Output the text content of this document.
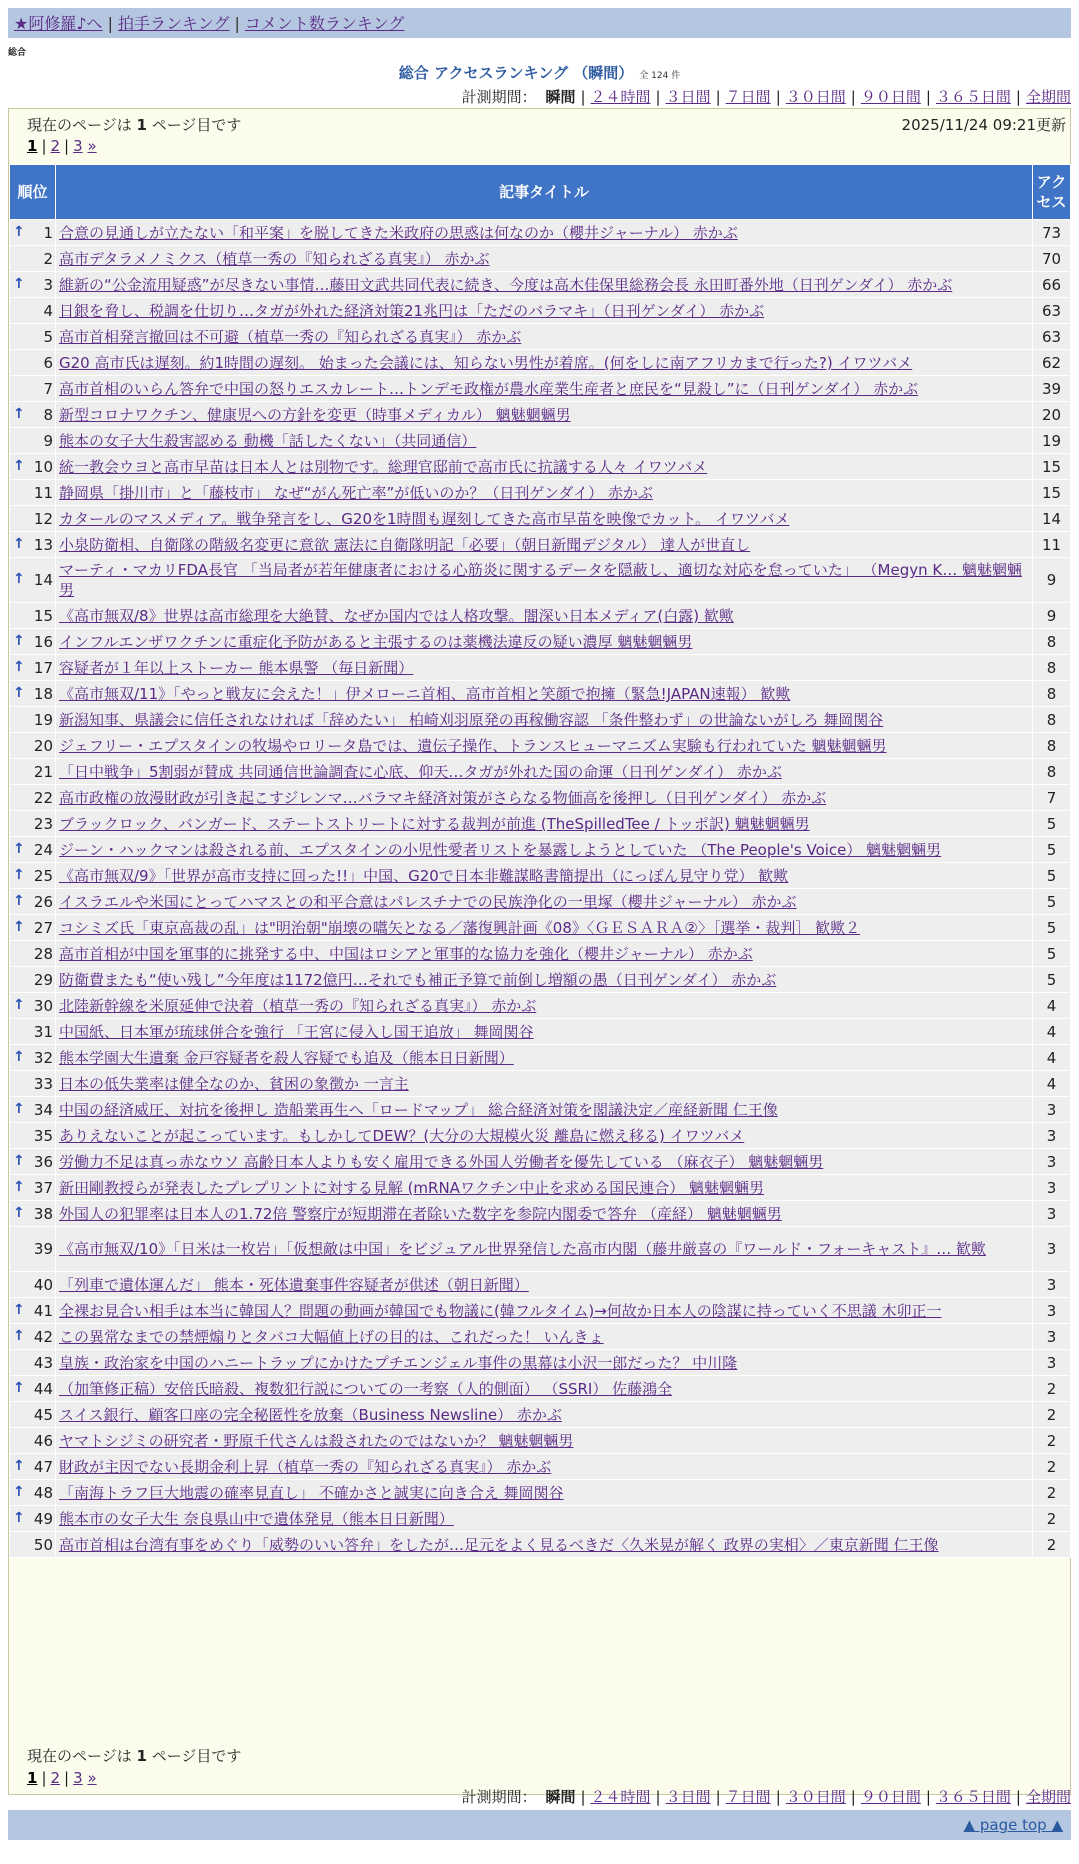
★阿修羅♪へ | 拍手ランキング | コメント数ランキング
総合
総合 アクセスランキング （瞬間） 全 124 件
計測期間： 瞬間 | ２４時間 | ３日間 | ７日間 | ３０日間 | ９０日間 | ３６５日間 | 全期間
現在のページは 1 ページ目です	2025/11/24 09:21更新
1 | 2 | 3 »
順位	記事タイトル	アクセス

↑ 1	合意の見通しが立たない「和平案」を脱してきた米政府の思惑は何なのか（櫻井ジャーナル） 赤かぶ	73
2	高市デタラメノミクス（植草一秀の『知られざる真実』） 赤かぶ	70

↑ 3	維新の“公金流用疑惑”が尽きない事情…藤田文武共同代表に続き、今度は高木佳保里総務会長 永田町番外地（日刊ゲンダイ） 赤かぶ	66
4	日銀を脅し、税調を仕切り…タガが外れた経済対策21兆円は「ただのバラマキ」（日刊ゲンダイ） 赤かぶ	63
5	高市首相発言撤回は不可避（植草一秀の『知られざる真実』） 赤かぶ	63
6	G20 高市氏は遅刻。約1時間の遅刻。 始まった会議には、知らない男性が着席。(何をしに南アフリカまで行った?) イワツバメ	62
7	高市首相のいらん答弁で中国の怒りエスカレート…トンデモ政権が農水産業生産者と庶民を“見殺し”に（日刊ゲンダイ） 赤かぶ	39

↑ 8	新型コロナワクチン、健康児への方針を変更（時事メディカル） 魑魅魍魎男	20
9	熊本の女子大生殺害認める 動機「話したくない」（共同通信）	19

↑ 10	統一教会ウヨと高市早苗は日本人とは別物です。総理官邸前で高市氏に抗議する人々 イワツバメ	15
11	静岡県「掛川市」と「藤枝市」 なぜ“がん死亡率”が低いのか？（日刊ゲンダイ） 赤かぶ	15
12	カタールのマスメディア。戦争発言をし、G20を1時間も遅刻してきた高市早苗を映像でカット。 イワツバメ	14

↑ 13	小泉防衛相、自衛隊の階級名変更に意欲 憲法に自衛隊明記「必要」（朝日新聞デジタル） 達人が世直し	11

↑ 14	マーティ・マカリFDA長官 「当局者が若年健康者における心筋炎に関するデータを隠蔽し、適切な対応を怠っていた」 （Megyn K… 魑魅魍魎男	9
15	《高市無双/8》世界は高市総理を大絶賛、なぜか国内では人格攻撃。闇深い日本メディア(白露) 歓歟	9

↑ 16	インフルエンザワクチンに重症化予防があると主張するのは薬機法違反の疑い濃厚 魑魅魍魎男	8

↑ 17	容疑者が１年以上ストーカー 熊本県警 （毎日新聞）	8

↑ 18	《高市無双/11》「やっと戦友に会えた！」伊メローニ首相、高市首相と笑顔で抱擁（緊急!JAPAN速報） 歓歟	8
19	新潟知事、県議会に信任されなければ「辞めたい」 柏崎刈羽原発の再稼働容認 「条件整わず」の世論ないがしろ 舞岡関谷	8
20	ジェフリー・エプスタインの牧場やロリータ島では、遺伝子操作、トランスヒューマニズム実験も行われていた 魑魅魍魎男	8
21	「日中戦争」5割弱が賛成 共同通信世論調査に心底、仰天…タガが外れた国の命運（日刊ゲンダイ） 赤かぶ	8
22	高市政権の放漫財政が引き起こすジレンマ…バラマキ経済対策がさらなる物価高を後押し（日刊ゲンダイ） 赤かぶ	7
23	ブラックロック、バンガード、ステートストリートに対する裁判が前進 (TheSpilledTee / トッポ訳) 魑魅魍魎男	5

↑ 24	ジーン・ハックマンは殺される前、エプスタインの小児性愛者リストを暴露しようとしていた （The People's Voice） 魑魅魍魎男	5

↑ 25	《高市無双/9》「世界が高市支持に回った!!」中国、G20で日本非難謀略書簡提出（にっぽん見守り党） 歓歟	5

↑ 26	イスラエルや米国にとってハマスとの和平合意はパレスチナでの民族浄化の一里塚（櫻井ジャーナル） 赤かぶ	5

↑ 27	コシミズ氏「東京高裁の乱」は"明治朝"崩壊の嚆矢となる／藩復興計画《08》〈ＧＥＳＡＲＡ②〉［選挙・裁判］ 歓歟２	5
28	高市首相が中国を軍事的に挑発する中、中国はロシアと軍事的な協力を強化（櫻井ジャーナル） 赤かぶ	5
29	防衛費またも“使い残し”今年度は1172億円…それでも補正予算で前倒し増額の愚（日刊ゲンダイ） 赤かぶ	5

↑ 30	北陸新幹線を米原延伸で決着（植草一秀の『知られざる真実』） 赤かぶ	4
31	中国紙、日本軍が琉球併合を強行 「王宮に侵入し国王追放」 舞岡関谷	4

↑ 32	熊本学園大生遺棄 金戸容疑者を殺人容疑でも追及（熊本日日新聞）	4
33	日本の低失業率は健全なのか、貧困の象徴か 一言主	4

↑ 34	中国の経済威圧、対抗を後押し 造船業再生へ「ロードマップ」 総合経済対策を閣議決定／産経新聞 仁王像	3
35	ありえないことが起こっています。もしかしてDEW？(大分の大規模火災 離島に燃え移る) イワツバメ	3

↑ 36	労働力不足は真っ赤なウソ 高齢日本人よりも安く雇用できる外国人労働者を優先している （麻衣子） 魑魅魍魎男	3

↑ 37	新田剛教授らが発表したプレプリントに対する見解 (mRNAワクチン中止を求める国民連合） 魑魅魍魎男	3

↑ 38	外国人の犯罪率は日本人の1.72倍 警察庁が短期滞在者除いた数字を参院内閣委で答弁 （産経） 魑魅魍魎男	3
39	《高市無双/10》「日米は一枚岩」「仮想敵は中国」をビジュアル世界発信した高市内閣（藤井厳喜の『ワールド・フォーキャスト』… 歓歟	3
40	「列車で遺体運んだ」 熊本・死体遺棄事件容疑者が供述（朝日新聞）	3

↑ 41	全裸お見合い相手は本当に韓国人？問題の動画が韓国でも物議に(韓フルタイム)→何故か日本人の陰謀に持っていく不思議 木卯正一	3

↑ 42	この異常なまでの禁煙煽りとタバコ大幅値上げの目的は、これだった！ いんきょ	3
43	皇族・政治家を中国のハニートラップにかけたプチエンジェル事件の黒幕は小沢一郎だった？ 中川隆	3

↑ 44	（加筆修正稿）安倍氏暗殺、複数犯行説についての一考察（人的側面） （SSRI） 佐藤鴻全	2
45	スイス銀行、顧客口座の完全秘匿性を放棄（Business Newsline） 赤かぶ	2
46	ヤマトシジミの研究者・野原千代さんは殺されたのではないか？ 魑魅魍魎男	2

↑ 47	財政が主因でない長期金利上昇（植草一秀の『知られざる真実』） 赤かぶ	2

↑ 48	「南海トラフ巨大地震の確率見直し」 不確かさと誠実に向き合え 舞岡関谷	2

↑ 49	熊本市の女子大生 奈良県山中で遺体発見（熊本日日新聞）	2
50	高市首相は台湾有事をめぐり「威勢のいい答弁」をしたが…足元をよく見るべきだ〈久米晃が解く 政界の実相〉／東京新聞 仁王像	2
現在のページは 1 ページ目です
1 | 2 | 3 »
計測期間： 瞬間 | ２４時間 | ３日間 | ７日間 | ３０日間 | ９０日間 | ３６５日間 | 全期間
▲ page top ▲
